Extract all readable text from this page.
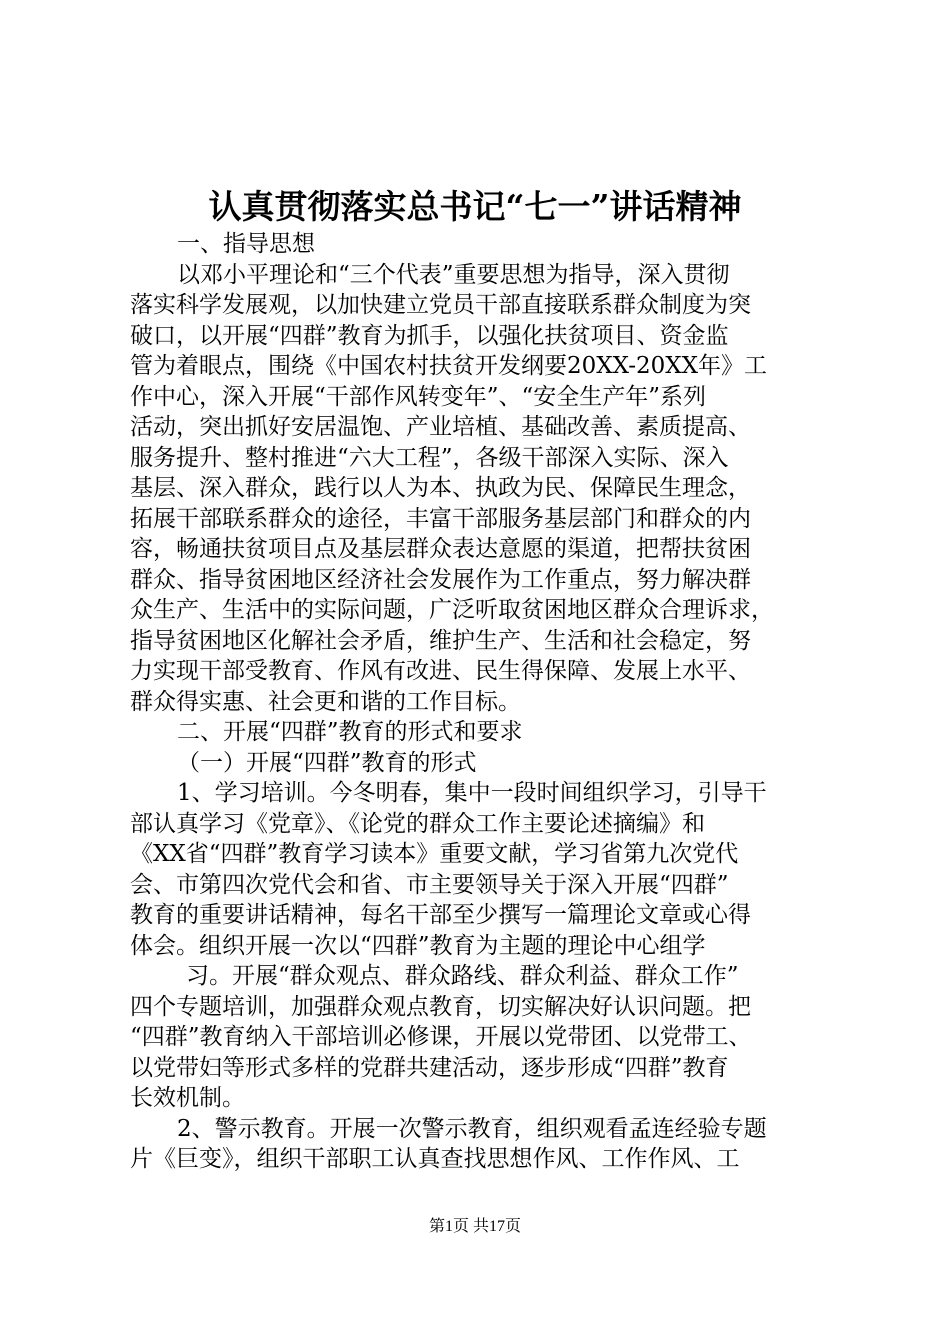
认真贯彻落实总书记“七一”讲话精神
一、指导思想
以邓小平理论和“三个代表”重要思想为指导，深入贯彻
落实科学发展观，以加快建立党员干部直接联系群众制度为突
破口，以开展“四群”教育为抓手，以强化扶贫项目、资金监
管为着眼点，围绕《中国农村扶贫开发纲要20XX-20XX年》工
作中心，深入开展“干部作风转变年”、“安全生产年”系列
活动，突出抓好安居温饱、产业培植、基础改善、素质提高、
服务提升、整村推进“六大工程”，各级干部深入实际、深入
基层、深入群众，践行以人为本、执政为民、保障民生理念，
拓展干部联系群众的途径，丰富干部服务基层部门和群众的内
容，畅通扶贫项目点及基层群众表达意愿的渠道，把帮扶贫困
群众、指导贫困地区经济社会发展作为工作重点，努力解决群
众生产、生活中的实际问题，广泛听取贫困地区群众合理诉求，
指导贫困地区化解社会矛盾，维护生产、生活和社会稳定，努
力实现干部受教育、作风有改进、民生得保障、发展上水平、
群众得实惠、社会更和谐的工作目标。
二、开展“四群”教育的形式和要求
（一）开展“四群”教育的形式
1、学习培训。今冬明春，集中一段时间组织学习，引导干
部认真学习《党章》、《论党的群众工作主要论述摘编》和
《XX省“四群”教育学习读本》重要文献，学习省第九次党代
会、市第四次党代会和省、市主要领导关于深入开展“四群”
教育的重要讲话精神，每名干部至少撰写一篇理论文章或心得
体会。组织开展一次以“四群”教育为主题的理论中心组学
习。开展“群众观点、群众路线、群众利益、群众工作”
四个专题培训，加强群众观点教育，切实解决好认识问题。把
“四群”教育纳入干部培训必修课，开展以党带团、以党带工、
以党带妇等形式多样的党群共建活动，逐步形成“四群”教育
长效机制。
2、警示教育。开展一次警示教育，组织观看孟连经验专题
片《巨变》，组织干部职工认真查找思想作风、工作作风、工
第1页 共17页
